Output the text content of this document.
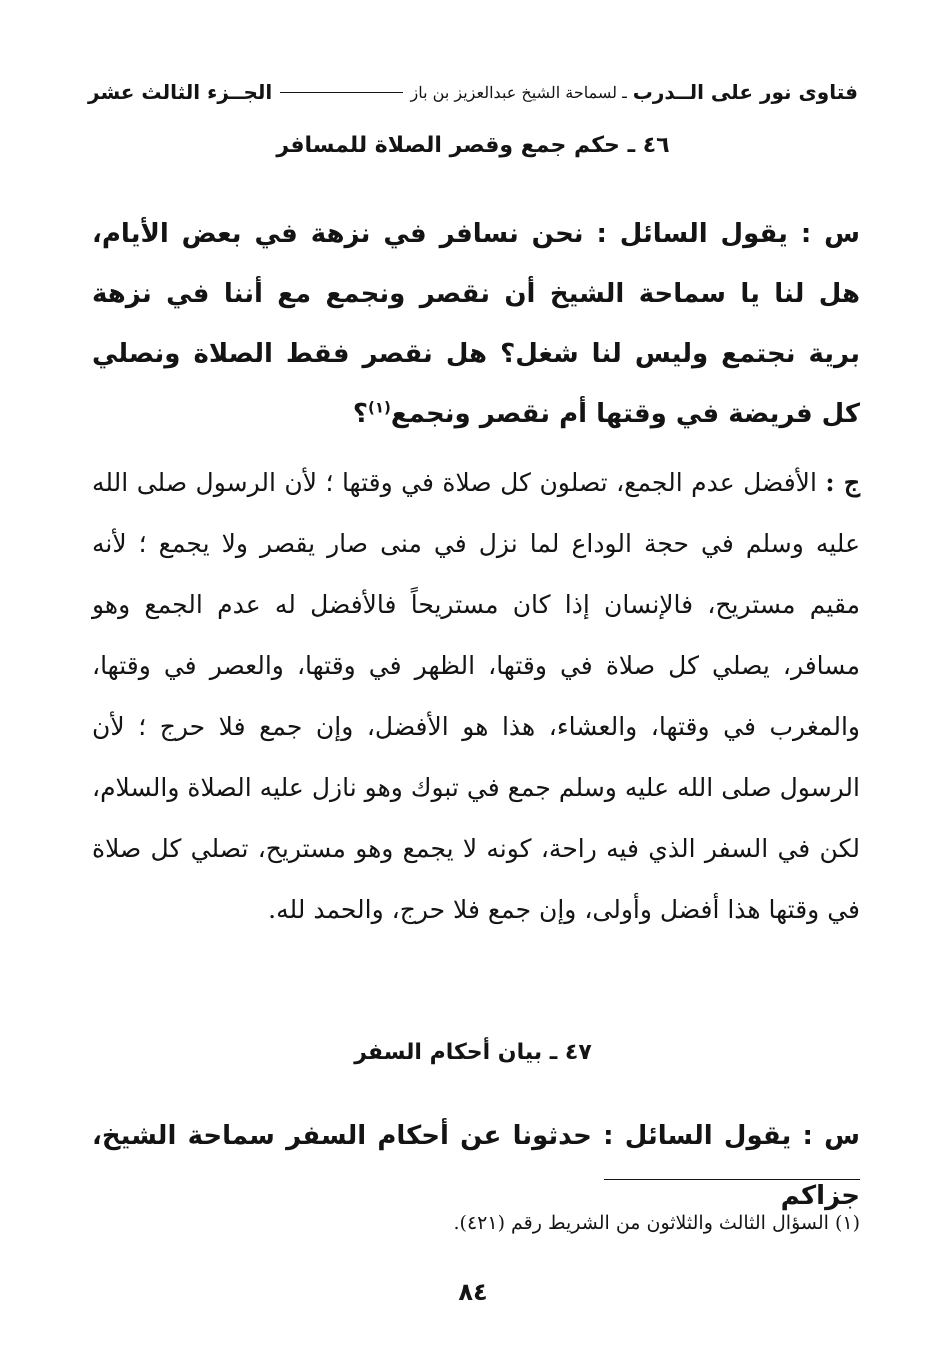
فتاوى نور على الــدرب
ـ لسماحة الشيخ عبدالعزيز بن باز
الجــزء الثالث عشر
٤٦ ـ حكم جمع وقصر الصلاة للمسافر
س : يقول السائل : نحن نسافر في نزهة في بعض الأيام، هل لنا يا سماحة الشيخ أن نقصر ونجمع مع أننا في نزهة برية نجتمع وليس لنا شغل؟ هل نقصر فقط الصلاة ونصلي كل فريضة في وقتها أم نقصر ونجمع$^{(١)}$؟
ج : الأفضل عدم الجمع، تصلون كل صلاة في وقتها ؛ لأن الرسول صلى الله عليه وسلم في حجة الوداع لما نزل في منى صار يقصر ولا يجمع ؛ لأنه مقيم مستريح، فالإنسان إذا كان مستريحاً فالأفضل له عدم الجمع وهو مسافر، يصلي كل صلاة في وقتها، الظهر في وقتها، والعصر في وقتها، والمغرب في وقتها، والعشاء، هذا هو الأفضل، وإن جمع فلا حرج ؛ لأن الرسول صلى الله عليه وسلم جمع في تبوك وهو نازل عليه الصلاة والسلام، لكن في السفر الذي فيه راحة، كونه لا يجمع وهو مستريح، تصلي كل صلاة في وقتها هذا أفضل وأولى، وإن جمع فلا حرج، والحمد لله.
٤٧ ـ بيان أحكام السفر
س : يقول السائل : حدثونا عن أحكام السفر سماحة الشيخ، جزاكم
(١) السؤال الثالث والثلاثون من الشريط رقم (٤٢١).
٨٤
